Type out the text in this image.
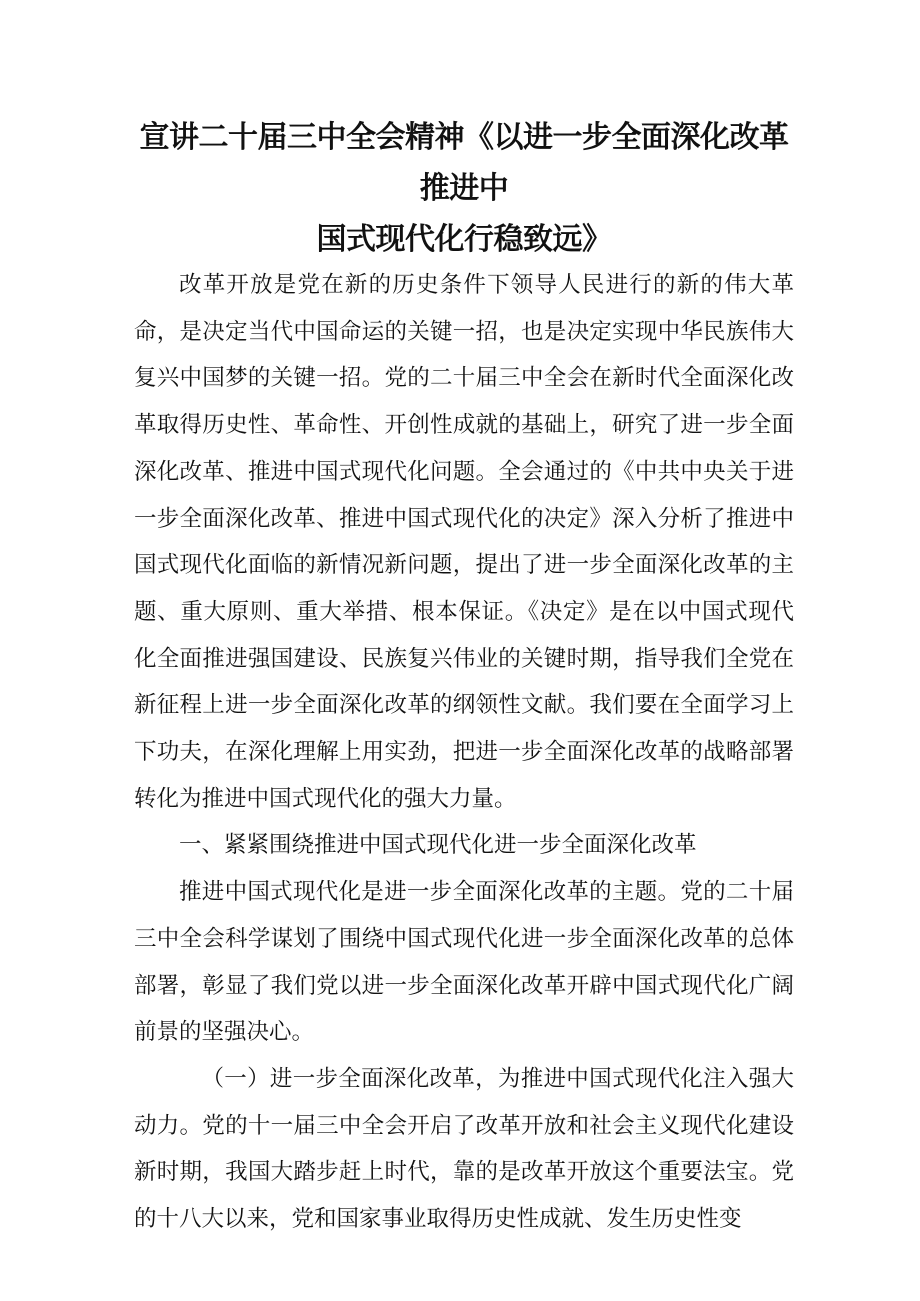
宣讲二十届三中全会精神《以进一步全面深化改革推进中
国式现代化行稳致远》

改革开放是党在新的历史条件下领导人民进行的新的伟大革命，是决定当代中国命运的关键一招，也是决定实现中华民族伟大复兴中国梦的关键一招。党的二十届三中全会在新时代全面深化改革取得历史性、革命性、开创性成就的基础上，研究了进一步全面深化改革、推进中国式现代化问题。全会通过的《中共中央关于进一步全面深化改革、推进中国式现代化的决定》深入分析了推进中国式现代化面临的新情况新问题，提出了进一步全面深化改革的主题、重大原则、重大举措、根本保证。《决定》是在以中国式现代化全面推进强国建设、民族复兴伟业的关键时期，指导我们全党在新征程上进一步全面深化改革的纲领性文献。我们要在全面学习上下功夫，在深化理解上用实劲，把进一步全面深化改革的战略部署转化为推进中国式现代化的强大力量。

一、紧紧围绕推进中国式现代化进一步全面深化改革

推进中国式现代化是进一步全面深化改革的主题。党的二十届三中全会科学谋划了围绕中国式现代化进一步全面深化改革的总体部署，彰显了我们党以进一步全面深化改革开辟中国式现代化广阔前景的坚强决心。

（一）进一步全面深化改革，为推进中国式现代化注入强大动力。党的十一届三中全会开启了改革开放和社会主义现代化建设新时期，我国大踏步赶上时代，靠的是改革开放这个重要法宝。党的十八大以来，党和国家事业取得历史性成就、发生历史性变
